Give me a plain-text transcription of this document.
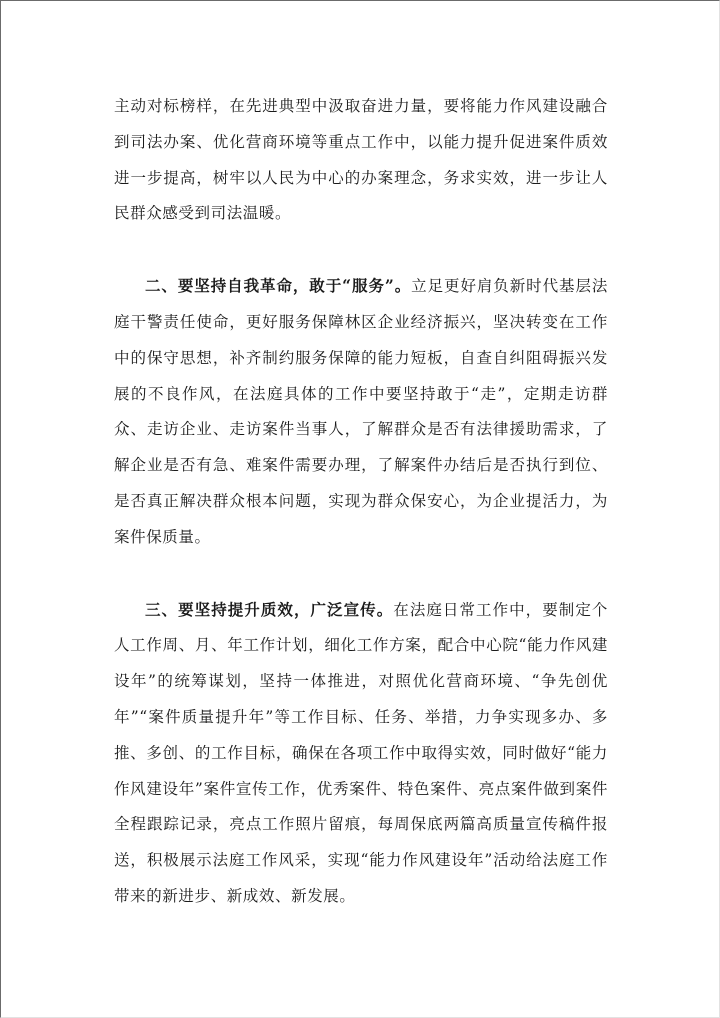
主动对标榜样，在先进典型中汲取奋进力量，要将能力作风建设融合到司法办案、优化营商环境等重点工作中，以能力提升促进案件质效进一步提高，树牢以人民为中心的办案理念，务求实效，进一步让人民群众感受到司法温暖。

二、要坚持自我革命，敢于“服务”。立足更好肩负新时代基层法庭干警责任使命，更好服务保障林区企业经济振兴，坚决转变在工作中的保守思想，补齐制约服务保障的能力短板，自查自纠阻碍振兴发展的不良作风，在法庭具体的工作中要坚持敢于“走”，定期走访群众、走访企业、走访案件当事人，了解群众是否有法律援助需求，了解企业是否有急、难案件需要办理，了解案件办结后是否执行到位、是否真正解决群众根本问题，实现为群众保安心，为企业提活力，为案件保质量。

三、要坚持提升质效，广泛宣传。在法庭日常工作中，要制定个人工作周、月、年工作计划，细化工作方案，配合中心院“能力作风建设年”的统筹谋划，坚持一体推进，对照优化营商环境、“争先创优年”“案件质量提升年”等工作目标、任务、举措，力争实现多办、多推、多创、的工作目标，确保在各项工作中取得实效，同时做好“能力作风建设年”案件宣传工作，优秀案件、特色案件、亮点案件做到案件全程跟踪记录，亮点工作照片留痕，每周保底两篇高质量宣传稿件报送，积极展示法庭工作风采，实现“能力作风建设年”活动给法庭工作带来的新进步、新成效、新发展。
